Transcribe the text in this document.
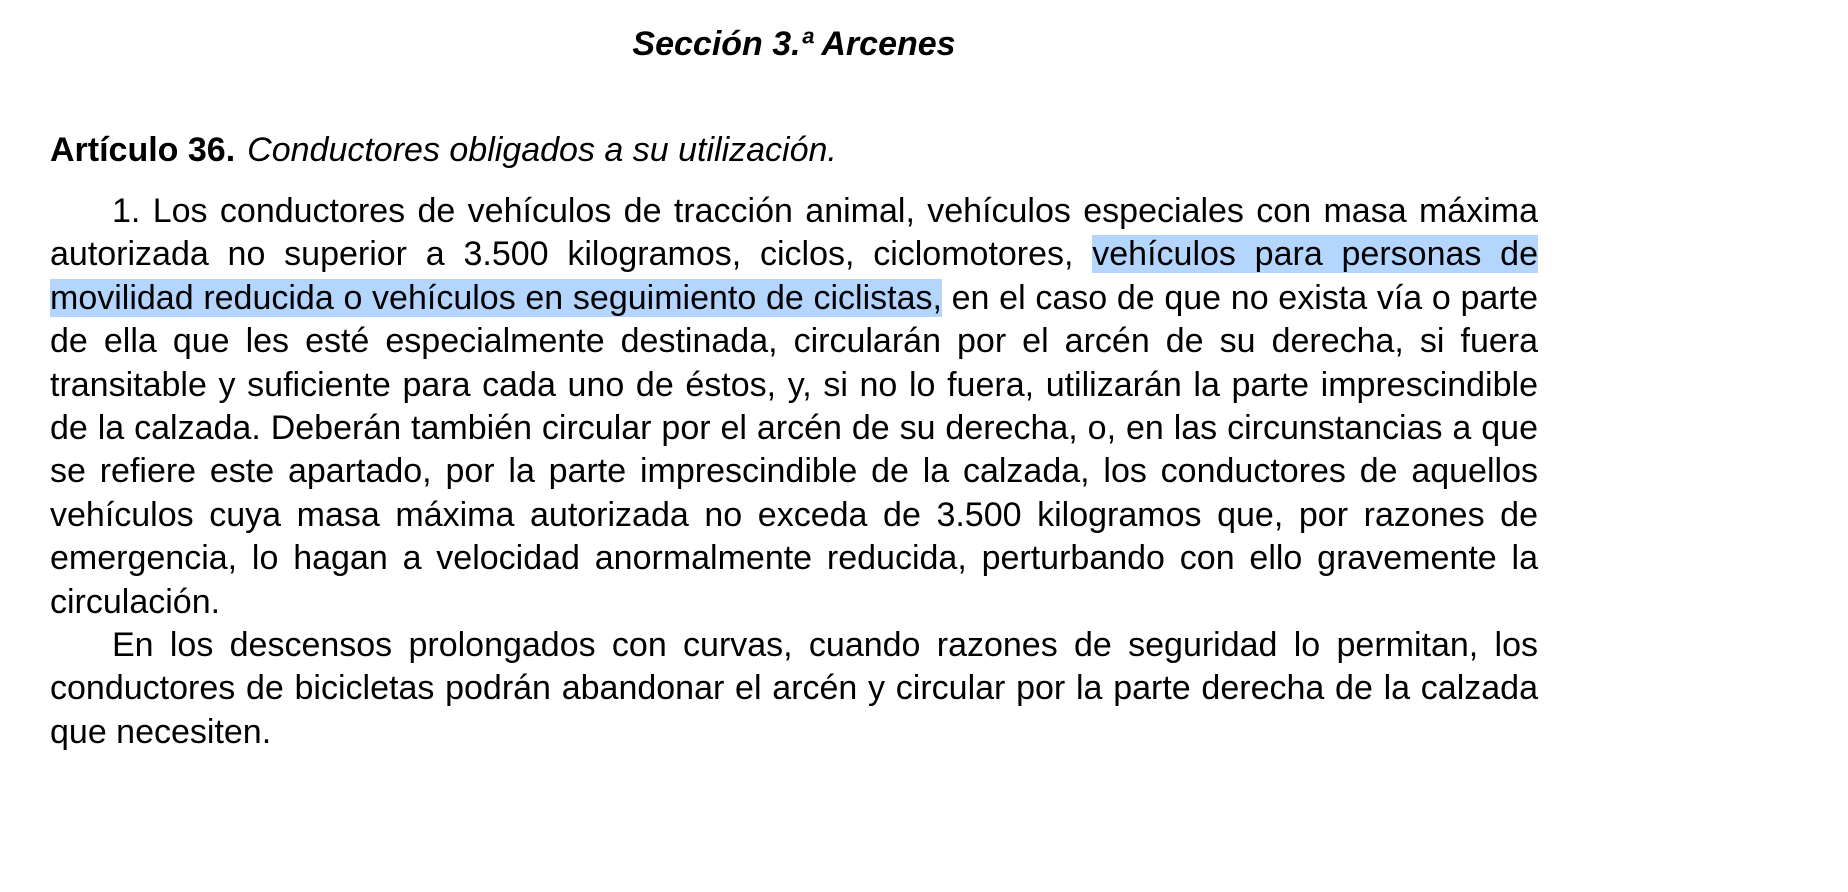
Sección 3.ª Arcenes

Artículo 36. Conductores obligados a su utilización.

1. Los conductores de vehículos de tracción animal, vehículos especiales con masa máxima autorizada no superior a 3.500 kilogramos, ciclos, ciclomotores, vehículos para personas de movilidad reducida o vehículos en seguimiento de ciclistas, en el caso de que no exista vía o parte de ella que les esté especialmente destinada, circularán por el arcén de su derecha, si fuera transitable y suficiente para cada uno de éstos, y, si no lo fuera, utilizarán la parte imprescindible de la calzada. Deberán también circular por el arcén de su derecha, o, en las circunstancias a que se refiere este apartado, por la parte imprescindible de la calzada, los conductores de aquellos vehículos cuya masa máxima autorizada no exceda de 3.500 kilogramos que, por razones de emergencia, lo hagan a velocidad anormalmente reducida, perturbando con ello gravemente la circulación.

En los descensos prolongados con curvas, cuando razones de seguridad lo permitan, los conductores de bicicletas podrán abandonar el arcén y circular por la parte derecha de la calzada que necesiten.
